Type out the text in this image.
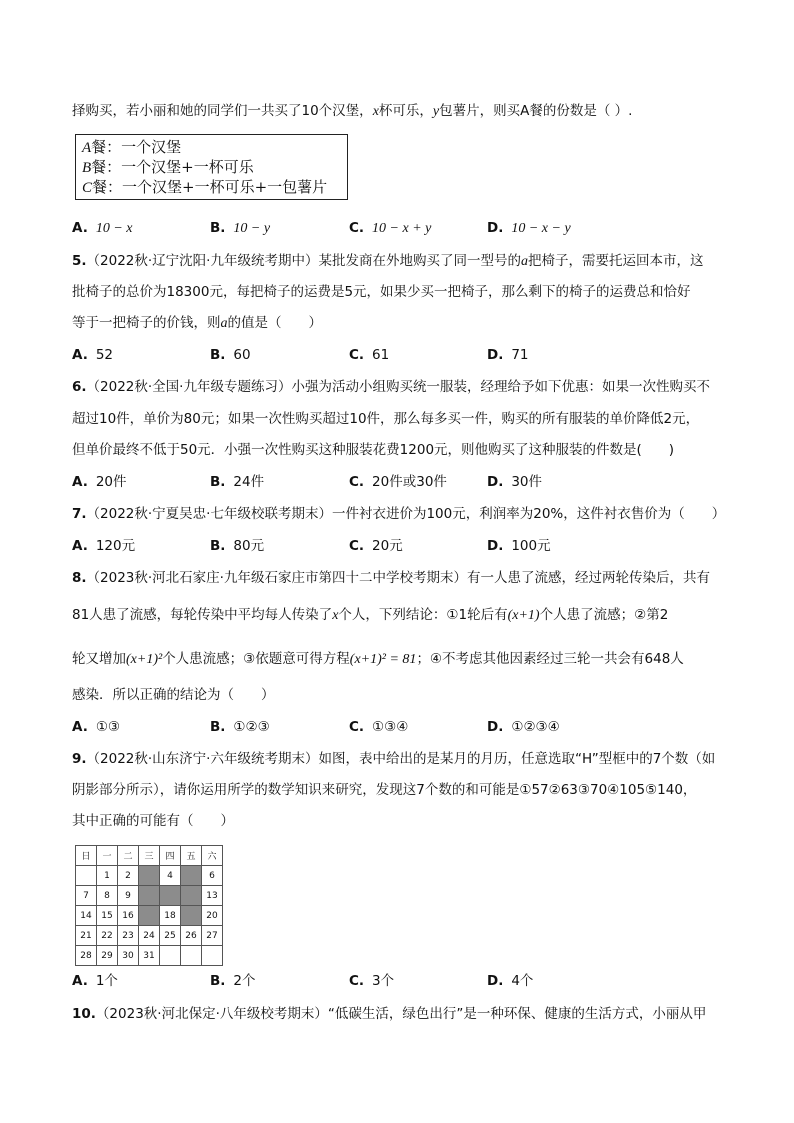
择购买，若小丽和她的同学们一共买了10个汉堡，x杯可乐，y包薯片，则买A餐的份数是（ ）.
A餐：一个汉堡
B餐：一个汉堡+一杯可乐
C餐：一个汉堡+一杯可乐+一包薯片
A. 10 − x	B. 10 − y	C. 10 − x + y	D. 10 − x − y
5.（2022秋·辽宁沈阳·九年级统考期中）某批发商在外地购买了同一型号的a把椅子，需要托运回本市，这
批椅子的总价为18300元，每把椅子的运费是5元，如果少买一把椅子，那么剩下的椅子的运费总和恰好
等于一把椅子的价钱，则a的值是（　　）
A. 52	B. 60	C. 61	D. 71
6.（2022秋·全国·九年级专题练习）小强为活动小组购买统一服装，经理给予如下优惠：如果一次性购买不
超过10件，单价为80元；如果一次性购买超过10件，那么每多买一件，购买的所有服装的单价降低2元，
但单价最终不低于50元．小强一次性购买这种服装花费1200元，则他购买了这种服装的件数是(　　)
A. 20件	B. 24件	C. 20件或30件	D. 30件
7.（2022秋·宁夏吴忠·七年级校联考期末）一件衬衣进价为100元，利润率为20%，这件衬衣售价为（　　）
A. 120元	B. 80元	C. 20元	D. 100元
8.（2023秋·河北石家庄·九年级石家庄市第四十二中学校考期末）有一人患了流感，经过两轮传染后，共有
81人患了流感，每轮传染中平均每人传染了x个人，下列结论：①1轮后有(x+1)个人患了流感；②第2
轮又增加(x+1)²个人患流感；③依题意可得方程(x+1)² = 81；④不考虑其他因素经过三轮一共会有648人
感染．所以正确的结论为（　　）
A. ①③	B. ①②③	C. ①③④	D. ①②③④
9.（2022秋·山东济宁·六年级统考期末）如图，表中给出的是某月的月历，任意选取“H”型框中的7个数（如
阴影部分所示），请你运用所学的数学知识来研究，发现这7个数的和可能是①57②63③70④105⑤140，
其中正确的可能有（　　）
日	一	二	三	四	五	六
	1	2		4		6
7	8	9				13
14	15	16		18		20
21	22	23	24	25	26	27
28	29	30	31			
A. 1个	B. 2个	C. 3个	D. 4个
10.（2023秋·河北保定·八年级校考期末）“低碳生活，绿色出行”是一种环保、健康的生活方式，小丽从甲
